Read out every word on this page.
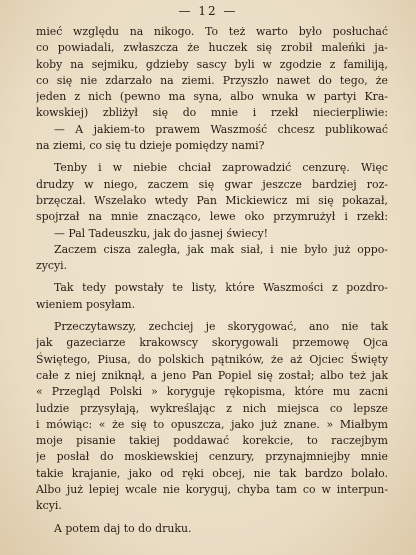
— 12 —
mieć względu na nikogo. To też warto było posłuchać
co powiadali, zwłaszcza że huczek się zrobił maleńki ja-
koby na sejmiku, gdzieby sascy byli w zgodzie z familiją,
co się nie zdarzało na ziemi. Przyszło nawet do tego, że
jeden z nich (pewno ma syna, albo wnuka w partyi Kra-
kowskiej) zbliżył się do mnie i rzekł niecierpliwie:
— A jakiem-to prawem Waszmość chcesz publikować
na ziemi, co się tu dzieje pomiędzy nami?
Tenby i w niebie chciał zaprowadzić cenzurę. Więc
drudzy w niego, zaczem się gwar jeszcze bardziej roz-
brzęczał. Wszelako wtedy Pan Mickiewicz mi się pokazał,
spojrzał na mnie znacząco, lewe oko przymrużył i rzekł:
— Pal Tadeuszku, jak do jasnej świecy!
Zaczem cisza zaległa, jak mak siał, i nie było już oppo-
zycyi.
Tak tedy powstały te listy, które Waszmości z pozdro-
wieniem posyłam.
Przeczytawszy, zechciej je skorygować, ano nie tak
jak gazeciarze krakowscy skorygowali przemowę Ojca
Świętego, Piusa, do polskich pątników, że aż Ojciec Święty
całe z niej zniknął, a jeno Pan Popiel się został; albo też jak
« Przegląd Polski » koryguje rękopisma, które mu zacni
ludzie przysyłają, wykreślając z nich miejsca co lepsze
i mówiąc: « że się to opuszcza, jako już znane. » Miałbym
moje pisanie takiej poddawać korekcie, to raczejbym
je posłał do moskiewskiej cenzury, przynajmniejby mnie
takie krajanie, jako od ręki obcej, nie tak bardzo bolało.
Albo już lepiej wcale nie koryguj, chyba tam co w interpun-
kcyi.
A potem daj to do druku.
